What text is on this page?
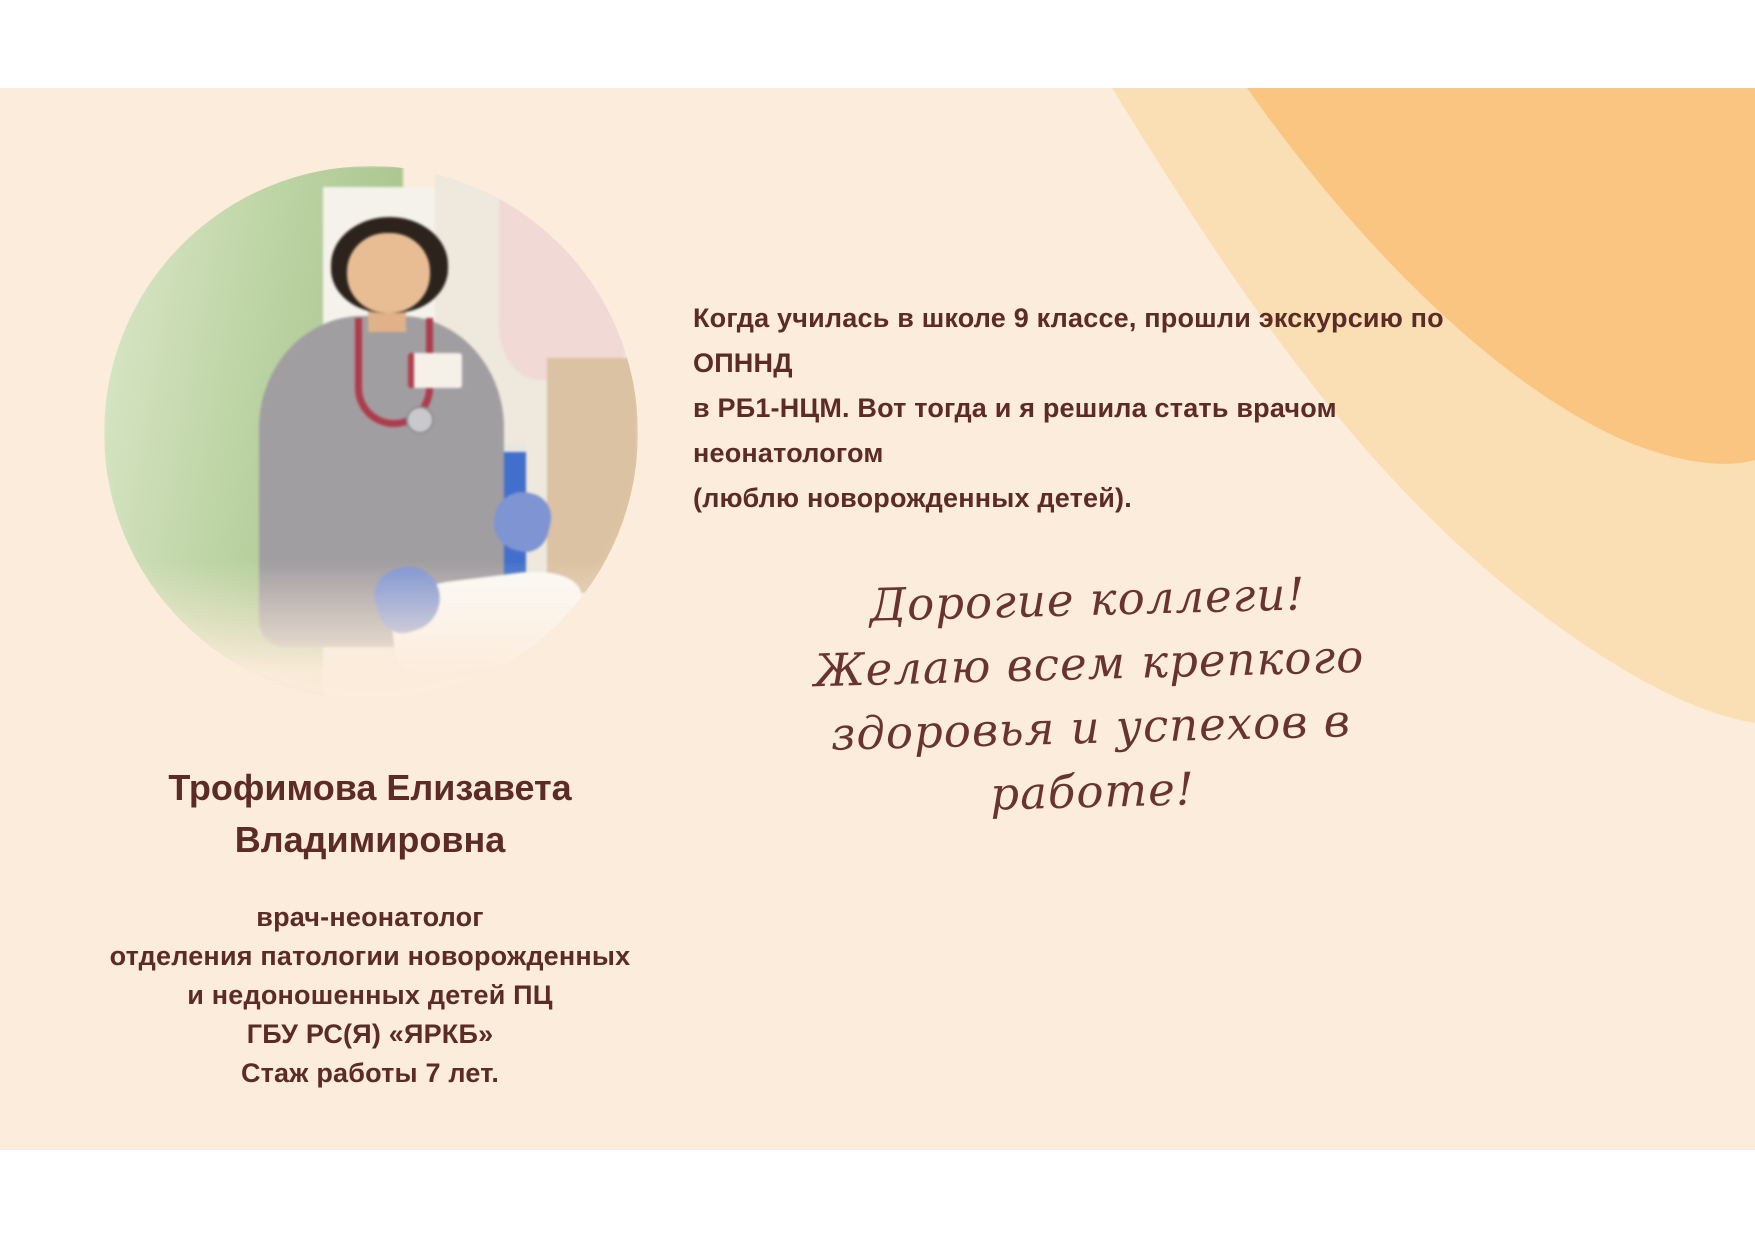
Когда училась в школе 9 классе, прошли экскурсию по ОПННД
в РБ1-НЦМ. Вот тогда и я решила стать врачом неонатологом
(люблю новорожденных детей).
Дорогие коллеги!
Желаю всем крепкого
здоровья и успехов в работе!
Трофимова Елизавета
Владимировна
врач-неонатолог
отделения патологии новорожденных
и недоношенных детей ПЦ
ГБУ РС(Я) «ЯРКБ»
Стаж работы 7 лет.
